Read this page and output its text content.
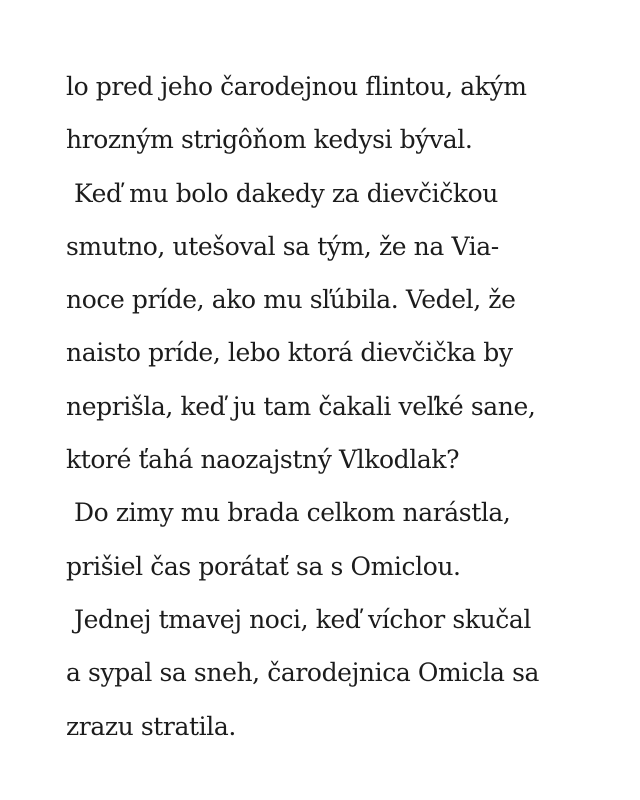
lo pred jeho čarodejnou flintou, akým
hrozným strigôňom kedysi býval.
Keď mu bolo dakedy za dievčičkou
smutno, utešoval sa tým, že na Via-
noce príde, ako mu sľúbila. Vedel, že
naisto príde, lebo ktorá dievčička by
neprišla, keď ju tam čakali veľké sane,
ktoré ťahá naozajstný Vlkodlak?
Do zimy mu brada celkom narástla,
prišiel čas porátať sa s Omiclou.
Jednej tmavej noci, keď víchor skučal
a sypal sa sneh, čarodejnica Omicla sa
zrazu stratila.
